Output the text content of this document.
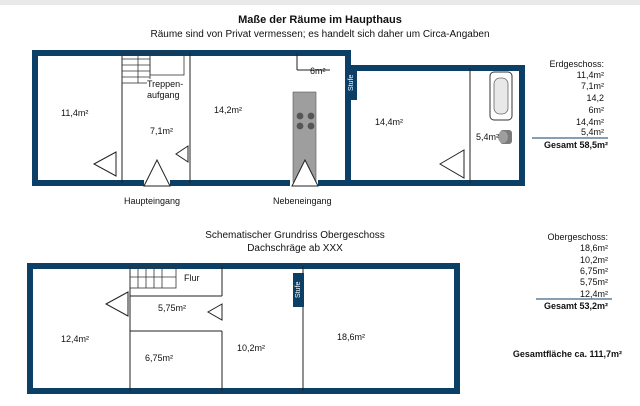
Maße der Räume im Haupthaus
Räume sind von Privat vermessen; es handelt sich daher um Circa-Angaben
Stufe
Stufe
11,4m²
Treppen-
aufgang
7,1m²
14,2m²
6m²
14,4m²
5,4m²
Haupteingang	Nebeneingang
Erdgeschoss:
11,4m²
7,1m²
14,2
6m²
14,4m²
5,4m²
Gesamt 58,5m²
Schematischer Grundriss Obergeschoss
Dachschräge ab XXX
Flur
12,4m²
5,75m²
6,75m²
10,2m²
18,6m²
Obergeschoss:
18,6m²
10,2m²
6,75m²
5,75m²
12,4m²
Gesamt 53,2m²
Gesamtfläche ca. 111,7m²
